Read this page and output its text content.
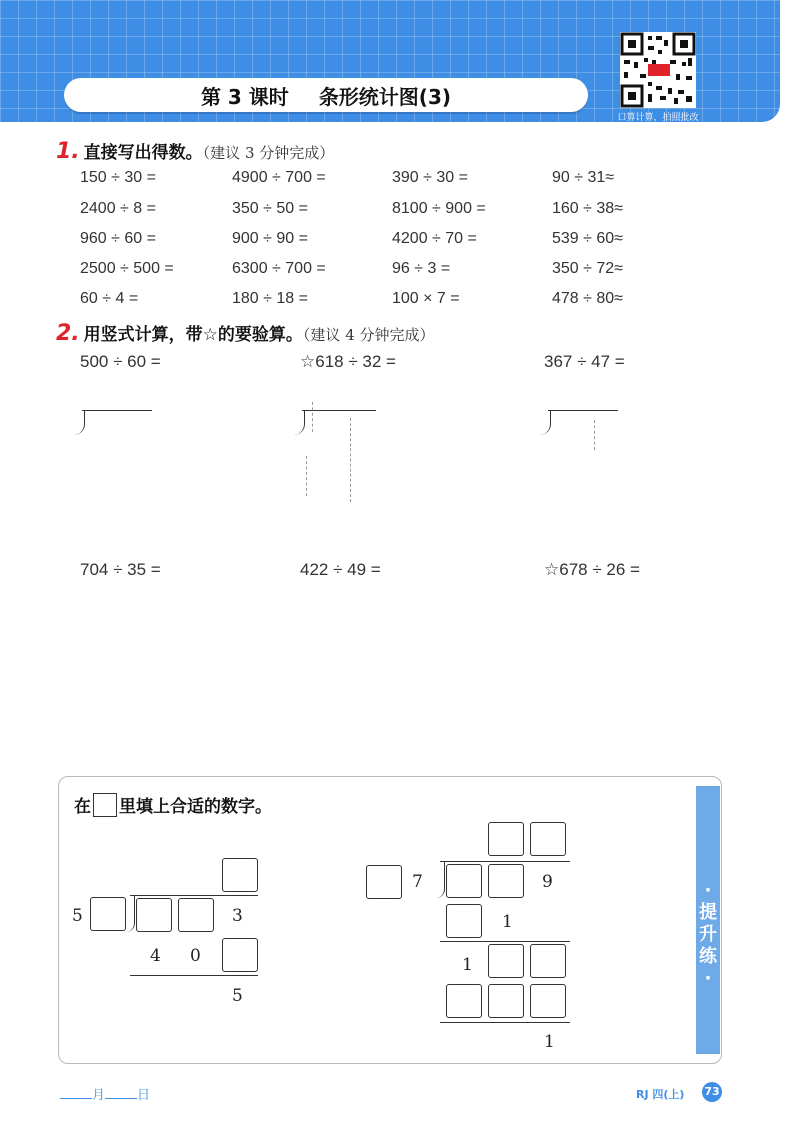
第 3 课时 条形统计图(3)
口算计算，拍照批改
1. 直接写出得数。（建议 3 分钟完成）
150 ÷ 30 =	4900 ÷ 700 =	390 ÷ 30 =	90 ÷ 31≈
2400 ÷ 8 =	350 ÷ 50 =	8100 ÷ 900 =	160 ÷ 38≈
960 ÷ 60 =	900 ÷ 90 =	4200 ÷ 70 =	539 ÷ 60≈
2500 ÷ 500 =	6300 ÷ 700 =	96 ÷ 3 =	350 ÷ 72≈
60 ÷ 4 =	180 ÷ 18 =	100 × 7 =	478 ÷ 80≈
2. 用竖式计算，带☆的要验算。（建议 4 分钟完成）
500 ÷ 60 =	☆618 ÷ 32 =	367 ÷ 47 =
704 ÷ 35 =	422 ÷ 49 =	☆678 ÷ 26 =
·提升练·
在 里填上合适的数字。
5	3
4 0
5
7	9
1
1
1
月 日	RJ 四(上) 73
